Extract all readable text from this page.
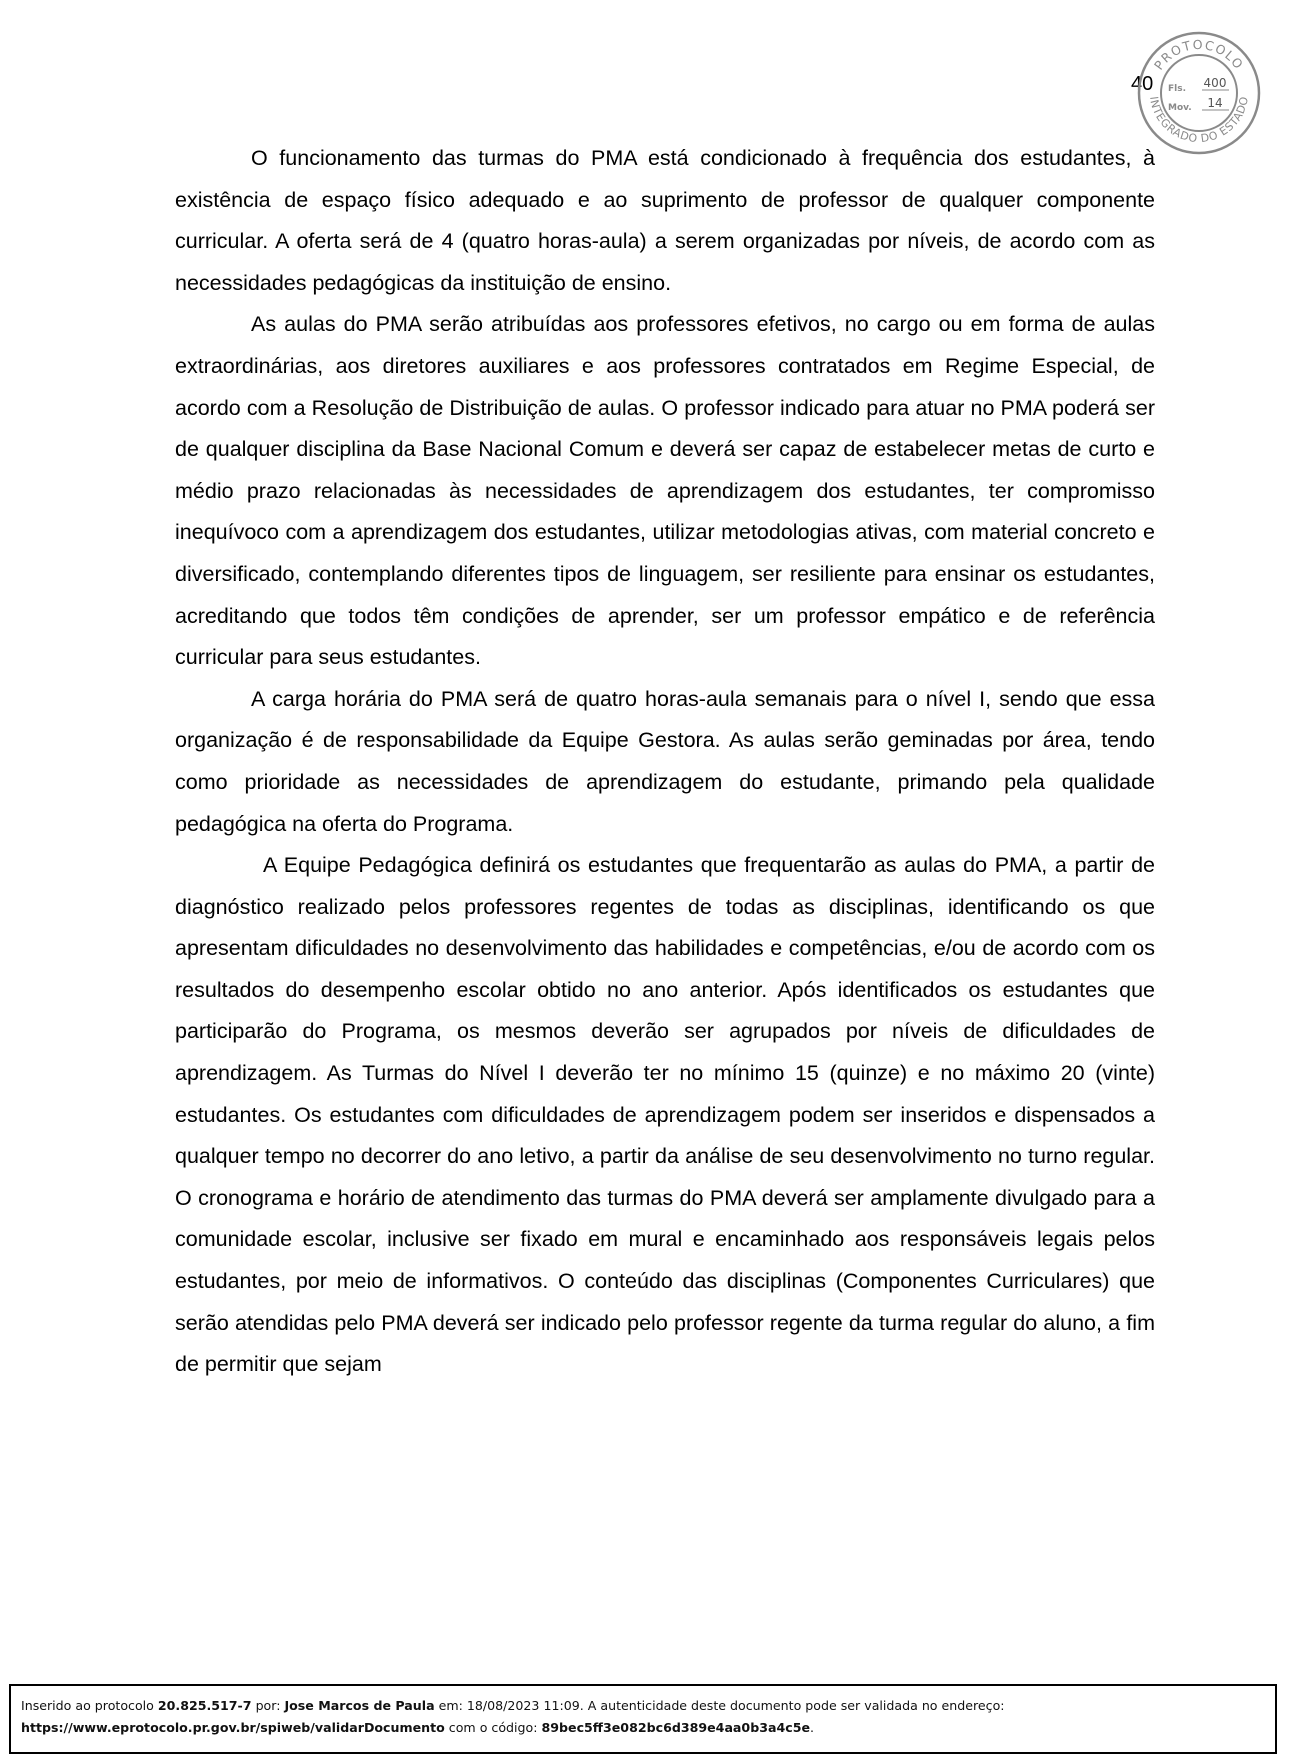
40
PROTOCOLO
INTEGRADO DO ESTADO
Fls. 400
Mov. 14

O funcionamento das turmas do PMA está condicionado à frequência dos estudantes, à existência de espaço físico adequado e ao suprimento de professor de qualquer componente curricular. A oferta será de 4 (quatro horas-aula) a serem organizadas por níveis, de acordo com as necessidades pedagógicas da instituição de ensino.

As aulas do PMA serão atribuídas aos professores efetivos, no cargo ou em forma de aulas extraordinárias, aos diretores auxiliares e aos professores contratados em Regime Especial, de acordo com a Resolução de Distribuição de aulas. O professor indicado para atuar no PMA poderá ser de qualquer disciplina da Base Nacional Comum e deverá ser capaz de estabelecer metas de curto e médio prazo relacionadas às necessidades de aprendizagem dos estudantes, ter compromisso inequívoco com a aprendizagem dos estudantes, utilizar metodologias ativas, com material concreto e diversificado, contemplando diferentes tipos de linguagem, ser resiliente para ensinar os estudantes, acreditando que todos têm condições de aprender, ser um professor empático e de referência curricular para seus estudantes.

A carga horária do PMA será de quatro horas-aula semanais para o nível I, sendo que essa organização é de responsabilidade da Equipe Gestora. As aulas serão geminadas por área, tendo como prioridade as necessidades de aprendizagem do estudante, primando pela qualidade pedagógica na oferta do Programa.

A Equipe Pedagógica definirá os estudantes que frequentarão as aulas do PMA, a partir de diagnóstico realizado pelos professores regentes de todas as disciplinas, identificando os que apresentam dificuldades no desenvolvimento das habilidades e competências, e/ou de acordo com os resultados do desempenho escolar obtido no ano anterior. Após identificados os estudantes que participarão do Programa, os mesmos deverão ser agrupados por níveis de dificuldades de aprendizagem. As Turmas do Nível I deverão ter no mínimo 15 (quinze) e no máximo 20 (vinte) estudantes. Os estudantes com dificuldades de aprendizagem podem ser inseridos e dispensados a qualquer tempo no decorrer do ano letivo, a partir da análise de seu desenvolvimento no turno regular. O cronograma e horário de atendimento das turmas do PMA deverá ser amplamente divulgado para a comunidade escolar, inclusive ser fixado em mural e encaminhado aos responsáveis legais pelos estudantes, por meio de informativos. O conteúdo das disciplinas (Componentes Curriculares) que serão atendidas pelo PMA deverá ser indicado pelo professor regente da turma regular do aluno, a fim de permitir que sejam

Inserido ao protocolo 20.825.517-7 por: Jose Marcos de Paula em: 18/08/2023 11:09. A autenticidade deste documento pode ser validada no endereço:
https://www.eprotocolo.pr.gov.br/spiweb/validarDocumento com o código: 89bec5ff3e082bc6d389e4aa0b3a4c5e.
